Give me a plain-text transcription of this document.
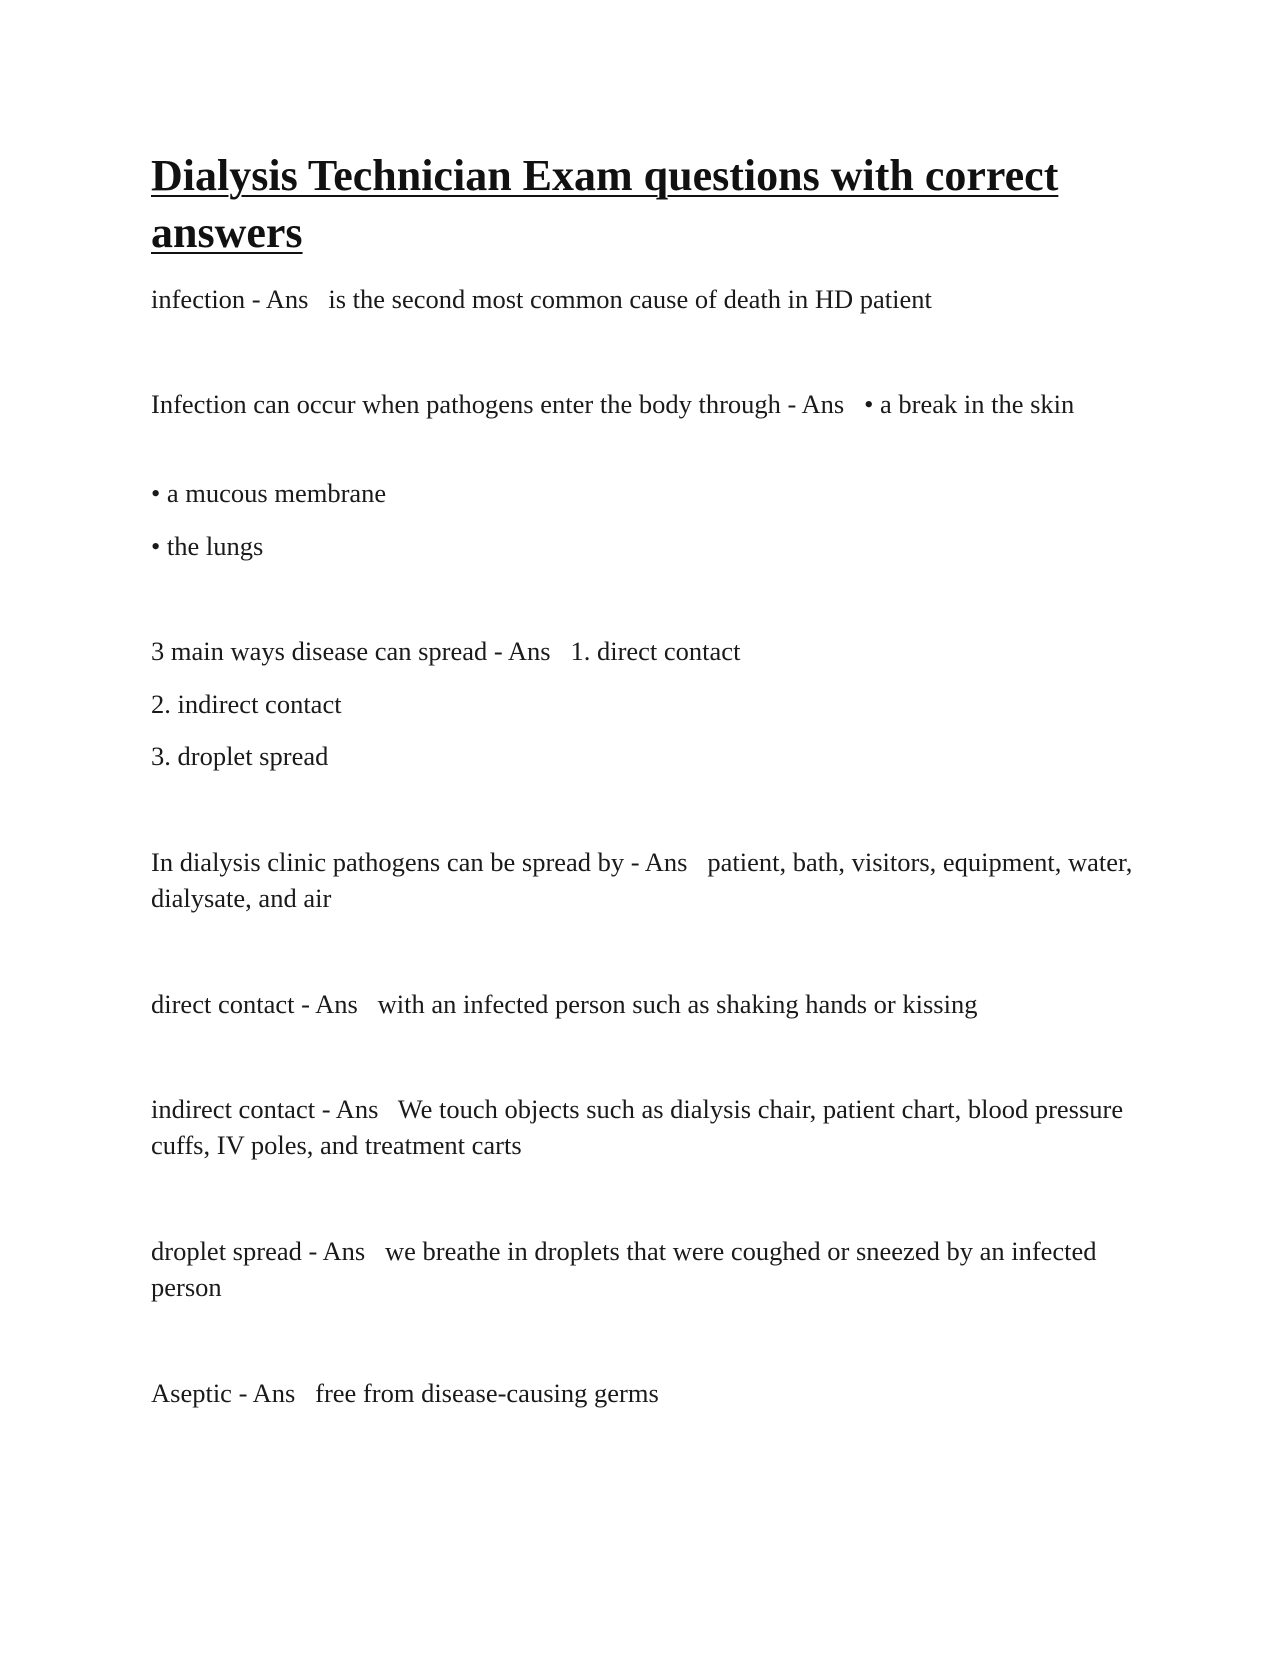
Dialysis Technician Exam questions with correct answers

infection - Ans   is the second most common cause of death in HD patient

Infection can occur when pathogens enter the body through - Ans   • a break in the skin

• a mucous membrane

• the lungs

3 main ways disease can spread - Ans   1. direct contact

2. indirect contact

3. droplet spread

In dialysis clinic pathogens can be spread by - Ans   patient, bath, visitors, equipment, water, dialysate, and air

direct contact - Ans   with an infected person such as shaking hands or kissing

indirect contact - Ans   We touch objects such as dialysis chair, patient chart, blood pressure cuffs, IV poles, and treatment carts

droplet spread - Ans   we breathe in droplets that were coughed or sneezed by an infected person

Aseptic - Ans   free from disease-causing germs
